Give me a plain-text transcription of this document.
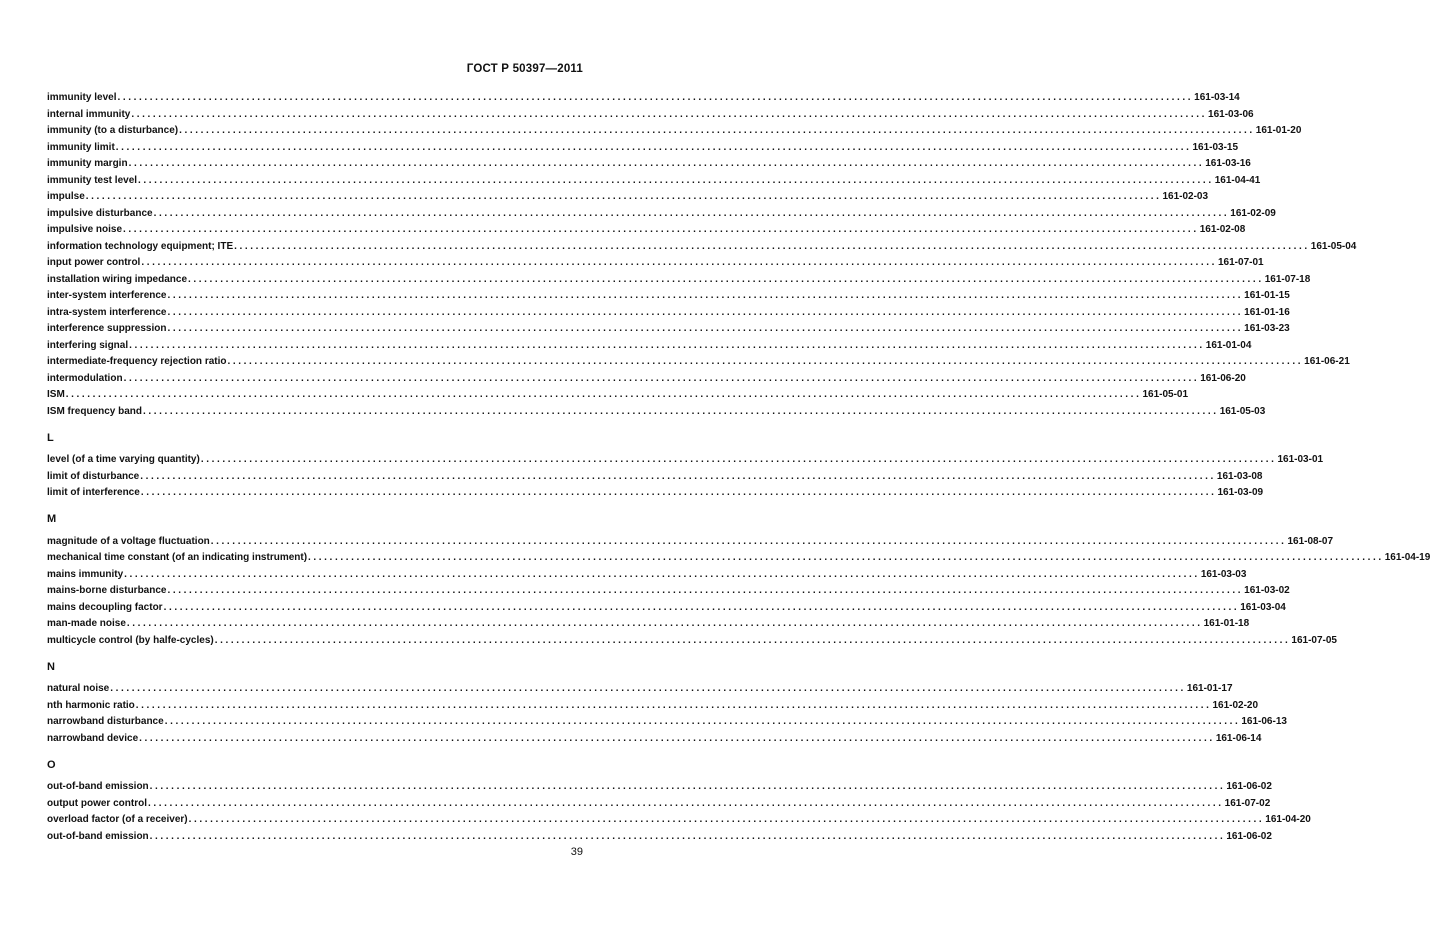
ГОСТ Р 50397—2011
immunity level ........................................................................................................................................................................................................ 161-03-14
internal immunity ........................................................................................................................................................................................................ 161-03-06
immunity (to a disturbance) ........................................................................................................................................................................................................ 161-01-20
immunity limit ........................................................................................................................................................................................................ 161-03-15
immunity margin ........................................................................................................................................................................................................ 161-03-16
immunity test level ........................................................................................................................................................................................................ 161-04-41
impulse ........................................................................................................................................................................................................ 161-02-03
impulsive disturbance ........................................................................................................................................................................................................ 161-02-09
impulsive noise ........................................................................................................................................................................................................ 161-02-08
information technology equipment; ITE ........................................................................................................................................................................................................ 161-05-04
input power control ........................................................................................................................................................................................................ 161-07-01
installation wiring impedance ........................................................................................................................................................................................................ 161-07-18
inter-system interference ........................................................................................................................................................................................................ 161-01-15
intra-system interference ........................................................................................................................................................................................................ 161-01-16
interference suppression ........................................................................................................................................................................................................ 161-03-23
interfering signal ........................................................................................................................................................................................................ 161-01-04
intermediate-frequency rejection ratio ........................................................................................................................................................................................................ 161-06-21
intermodulation ........................................................................................................................................................................................................ 161-06-20
ISM ........................................................................................................................................................................................................ 161-05-01
ISM frequency band ........................................................................................................................................................................................................ 161-05-03
L
level (of a time varying quantity) ........................................................................................................................................................................................................ 161-03-01
limit of disturbance ........................................................................................................................................................................................................ 161-03-08
limit of interference ........................................................................................................................................................................................................ 161-03-09
M
magnitude of a voltage fluctuation ........................................................................................................................................................................................................ 161-08-07
mechanical time constant (of an indicating instrument) ........................................................................................................................................................................................................ 161-04-19
mains immunity ........................................................................................................................................................................................................ 161-03-03
mains-borne disturbance ........................................................................................................................................................................................................ 161-03-02
mains decoupling factor ........................................................................................................................................................................................................ 161-03-04
man-made noise ........................................................................................................................................................................................................ 161-01-18
multicycle control (by halfe-cycles) ........................................................................................................................................................................................................ 161-07-05
N
natural noise ........................................................................................................................................................................................................ 161-01-17
nth harmonic ratio ........................................................................................................................................................................................................ 161-02-20
narrowband disturbance ........................................................................................................................................................................................................ 161-06-13
narrowband device ........................................................................................................................................................................................................ 161-06-14
O
out-of-band emission ........................................................................................................................................................................................................ 161-06-02
output power control ........................................................................................................................................................................................................ 161-07-02
overload factor (of a receiver) ........................................................................................................................................................................................................ 161-04-20
out-of-band emission ........................................................................................................................................................................................................ 161-06-02
39
